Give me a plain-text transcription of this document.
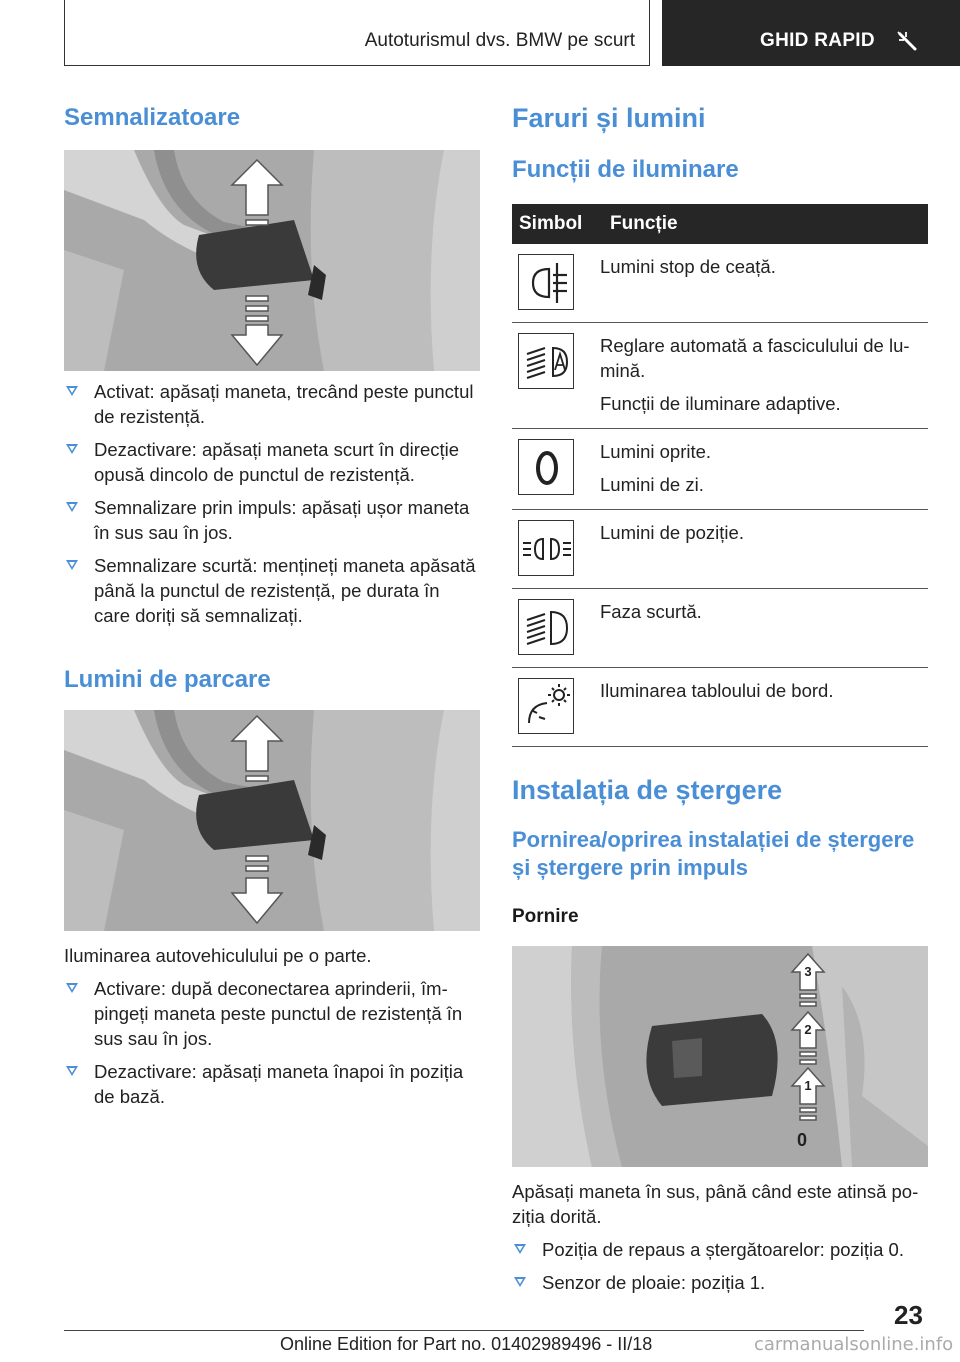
Autoturismul dvs. BMW pe scurt	GHID RAPID
Semnalizatoare
Activat: apăsați maneta, trecând peste punctul de rezistență.
Dezactivare: apăsați maneta scurt în direcție opusă dincolo de punctul de rezistență.
Semnalizare prin impuls: apăsați ușor maneta în sus sau în jos.
Semnalizare scurtă: mențineți maneta apăsată până la punctul de rezistență, pe durata în care doriți să semnalizați.
Lumini de parcare

Iluminarea autovehiculului pe o parte.

Activare: după deconectarea aprinderii, împingeți maneta peste punctul de rezistență în sus sau în jos.
Dezactivare: apăsați maneta înapoi în poziția de bază.
Faruri și lumini
Funcții de iluminare
Simbol	Funcție

Lumini stop de ceață.

Reglare automată a fasciculului de lumină.
Funcții de iluminare adaptive.

Lumini oprite.
Lumini de zi.

Lumini de poziție.

Faza scurtă.

Iluminarea tabloului de bord.
Instalația de ștergere
Pornirea/oprirea instalației de ștergere și ștergere prin impuls
Pornire
3
2
1
0

Apăsați maneta în sus, până când este atinsă poziția dorită.

Poziția de repaus a ștergătoarelor: poziția 0.
Senzor de ploaie: poziția 1.
23
Online Edition for Part no. 01402989496 - II/18	carmanualsonline.info
